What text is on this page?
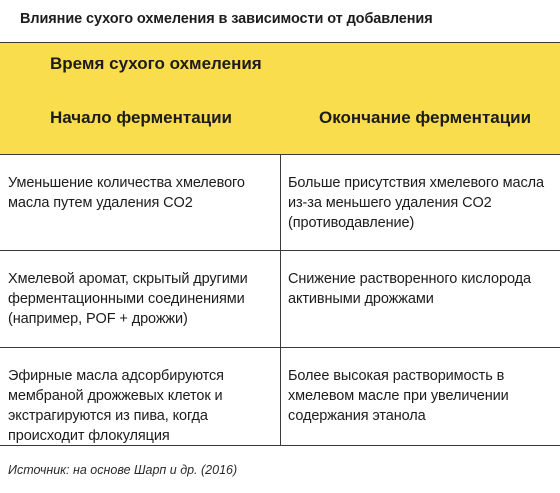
Влияние сухого охмеления в зависимости от добавления
Время сухого охмеления
Начало ферментации	Окончание ферментации
Уменьшение количества хмелевого масла путем удаления CO2
Больше присутствия хмелевого масла из-за меньшего удаления CO2 (противодавление)
Хмелевой аромат, скрытый другими ферментационными соединениями (например, POF + дрожжи)
Снижение растворенного кислорода активными дрожжами
Эфирные масла адсорбируются мембраной дрожжевых клеток и экстрагируются из пива, когда происходит флокуляция
Более высокая растворимость в хмелевом масле при увеличении содержания этанола
Источник: на основе Шарп и др. (2016)
